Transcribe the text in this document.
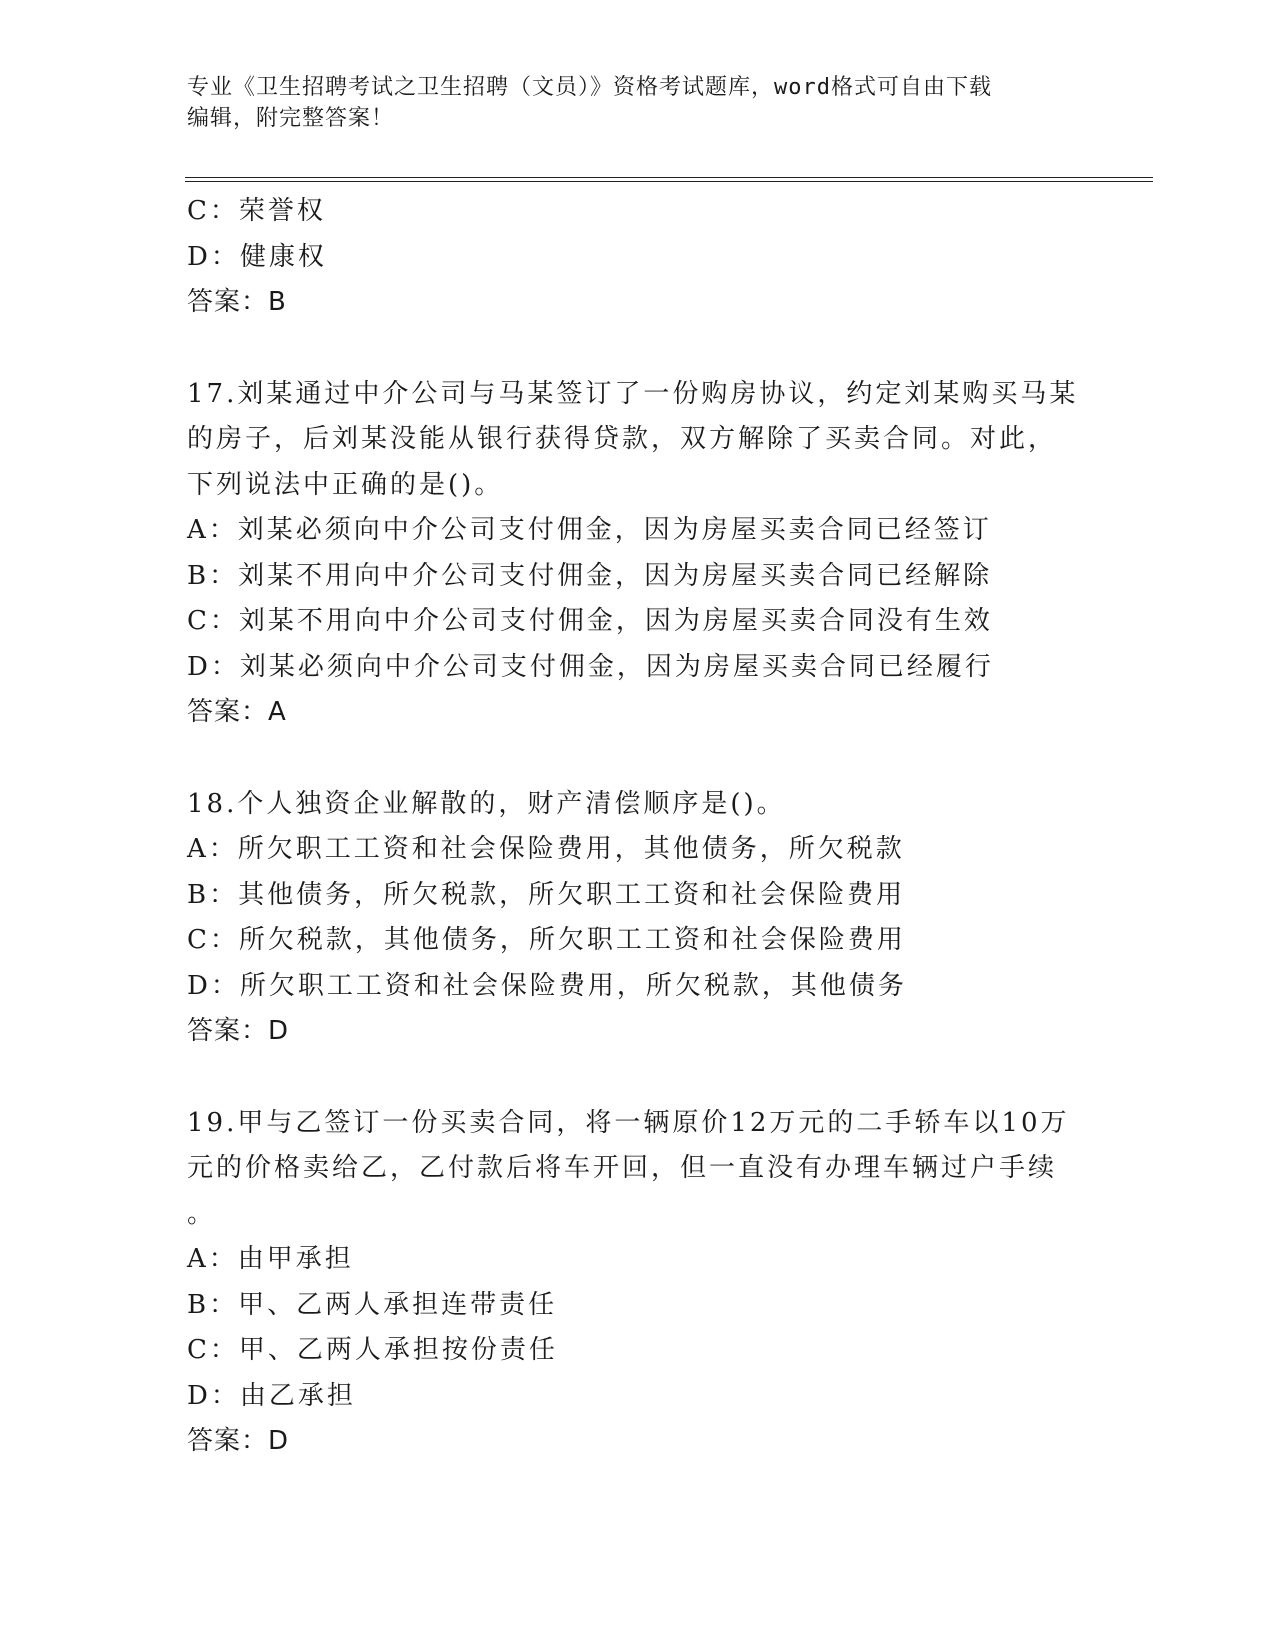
专业《卫生招聘考试之卫生招聘（文员）》资格考试题库，word格式可自由下载
编辑，附完整答案！
C：荣誉权
D：健康权
答案：B
17.刘某通过中介公司与马某签订了一份购房协议，约定刘某购买马某
的房子，后刘某没能从银行获得贷款，双方解除了买卖合同。对此，
下列说法中正确的是()。
A：刘某必须向中介公司支付佣金，因为房屋买卖合同已经签订
B：刘某不用向中介公司支付佣金，因为房屋买卖合同已经解除
C：刘某不用向中介公司支付佣金，因为房屋买卖合同没有生效
D：刘某必须向中介公司支付佣金，因为房屋买卖合同已经履行
答案：A
18.个人独资企业解散的，财产清偿顺序是()。
A：所欠职工工资和社会保险费用，其他债务，所欠税款
B：其他债务，所欠税款，所欠职工工资和社会保险费用
C：所欠税款，其他债务，所欠职工工资和社会保险费用
D：所欠职工工资和社会保险费用，所欠税款，其他债务
答案：D
19.甲与乙签订一份买卖合同，将一辆原价12万元的二手轿车以10万
元的价格卖给乙，乙付款后将车开回，但一直没有办理车辆过户手续
。
A：由甲承担
B：甲、乙两人承担连带责任
C：甲、乙两人承担按份责任
D：由乙承担
答案：D
